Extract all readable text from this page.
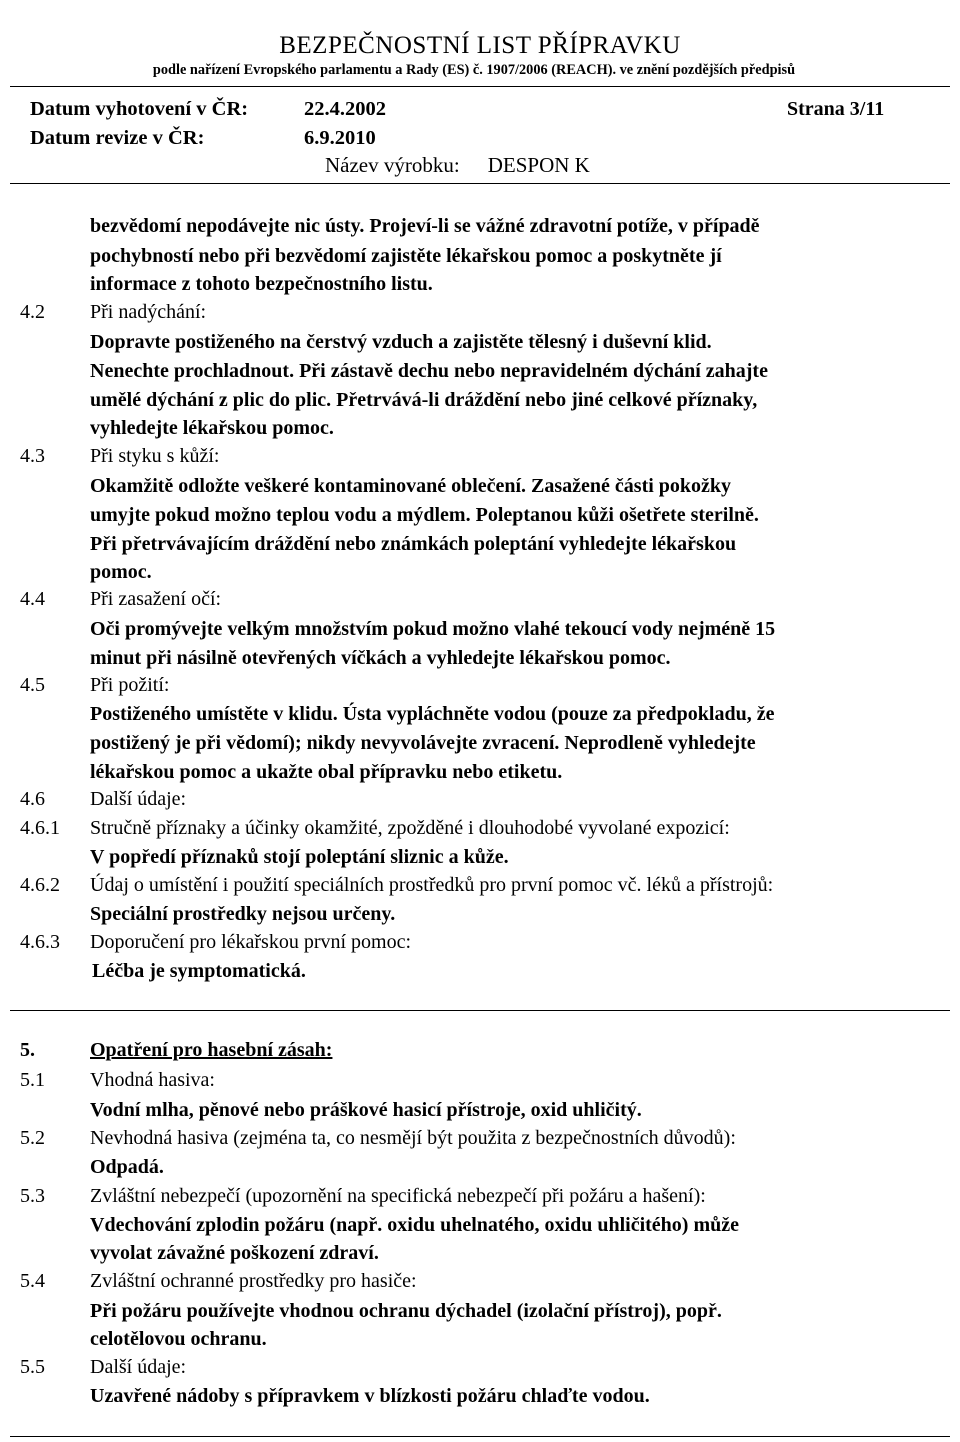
BEZPEČNOSTNÍ LIST PŘÍPRAVKU
podle nařízení Evropského parlamentu a Rady (ES) č. 1907/2006 (REACH). ve znění pozdějších předpisů
Datum vyhotovení v ČR:	22.4.2002	Strana 3/11
Datum revize v ČR:	6.9.2010
Název výrobku: DESPON K
bezvědomí nepodávejte nic ústy. Projeví-li se vážné zdravotní potíže, v případě
pochybností nebo při bezvědomí zajistěte lékařskou pomoc a poskytněte jí
informace z tohoto bezpečnostního listu.
4.2 Při nadýchání:
Dopravte postiženého na čerstvý vzduch a zajistěte tělesný i duševní klid.
Nenechte prochladnout. Při zástavě dechu nebo nepravidelném dýchání zahajte
umělé dýchání z plic do plic. Přetrvává-li dráždění nebo jiné celkové příznaky,
vyhledejte lékařskou pomoc.
4.3 Při styku s kůží:
Okamžitě odložte veškeré kontaminované oblečení. Zasažené části pokožky
umyjte pokud možno teplou vodu a mýdlem. Poleptanou kůži ošetřete sterilně.
Při přetrvávajícím dráždění nebo známkách poleptání vyhledejte lékařskou
pomoc.
4.4 Při zasažení očí:
Oči promývejte velkým množstvím pokud možno vlahé tekoucí vody nejméně 15
minut při násilně otevřených víčkách a vyhledejte lékařskou pomoc.
4.5 Při požití:
Postiženého umístěte v klidu. Ústa vypláchněte vodou (pouze za předpokladu, že
postižený je při vědomí); nikdy nevyvolávejte zvracení. Neprodleně vyhledejte
lékařskou pomoc a ukažte obal přípravku nebo etiketu.
4.6 Další údaje:
4.6.1 Stručně příznaky a účinky okamžité, zpožděné i dlouhodobé vyvolané expozicí:
V popředí příznaků stojí poleptání sliznic a kůže.
4.6.2 Údaj o umístění i použití speciálních prostředků pro první pomoc vč. léků a přístrojů:
Speciální prostředky nejsou určeny.
4.6.3 Doporučení pro lékařskou první pomoc:
Léčba je symptomatická.
5.	Opatření pro hasební zásah:
5.1 Vhodná hasiva:
Vodní mlha, pěnové nebo práškové hasicí přístroje, oxid uhličitý.
5.2 Nevhodná hasiva (zejména ta, co nesmějí být použita z bezpečnostních důvodů):
Odpadá.
5.3 Zvláštní nebezpečí (upozornění na specifická nebezpečí při požáru a hašení):
Vdechování zplodin požáru (např. oxidu uhelnatého, oxidu uhličitého) může
vyvolat závažné poškození zdraví.
5.4 Zvláštní ochranné prostředky pro hasiče:
Při požáru používejte vhodnou ochranu dýchadel (izolační přístroj), popř.
celotělovou ochranu.
5.5 Další údaje:
Uzavřené nádoby s přípravkem v blízkosti požáru chlaďte vodou.
